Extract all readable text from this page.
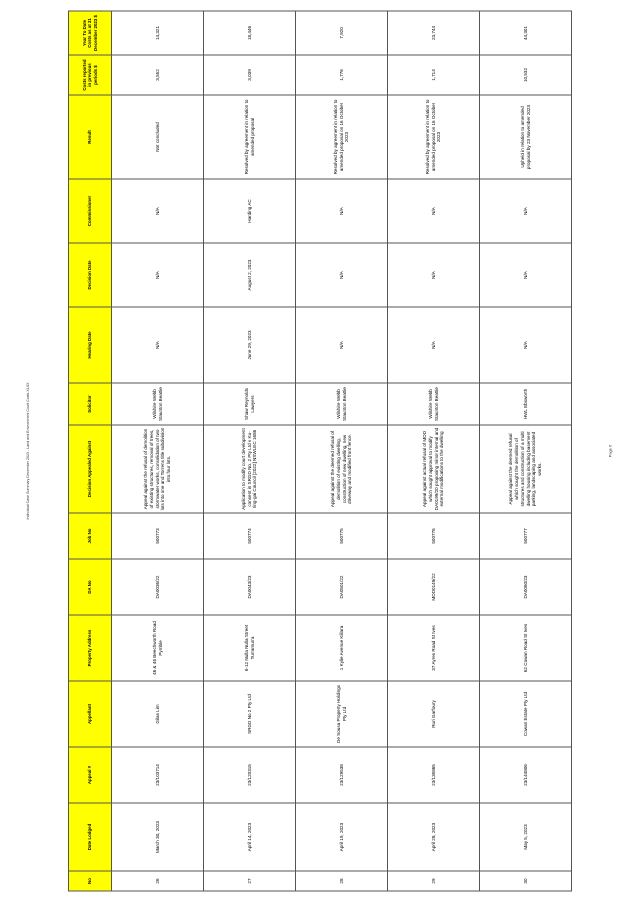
Individual Case Summary December 2023 - Land and Environment Court Costs.XLSX
No	Date Lodged	Appeal #	Appellant	Property Address	DA No	Job No	Decision Appealed Against	Solicitor	Hearing Date	Decision Date	Commissioner	Result	Costs reported in previous periods $	Year To Date Costs as at 31 December 2023 $
26	March 30, 2023	23/103714	Gilas Lim	46 & 46 Beechworth Road Pymble	DA0036/22	500773	Appeal against the refusal of demolition of existing structures, removal of trees, stormwater works, consolidation of two lots into one and Torrens title subdivision into four lots.	Wilshire Webb Staunton Beattie	N/A	N/A	N/A	Not concluded	3,552	14,321
27	April 14, 2023	23/120315	SRGD No 2 Pty Ltd	6-12 Nulla Nulla Street Turramurra	DA0043/23	500774	Application to modify court development consent in SRGD No. 2 Pty Ltd v Ku-ring-gai Council [2022] NSWLEC 1686	Shaw Reynolds Lawyers	June 29, 2023	August 2, 2023	Harding AC	Resolved by agreement in relation to amended proposal	3,039	18,446
28	April 19, 2023	23/129538	De Sousa Property Holdings Pty Ltd	1 Kylie Avenue Killara	DA0501/22	500775	Appeal against the deemed refusal of demolition of existing dwelling, construction of new dwelling, new driveway and modified front fence.	Wilshire Webb Staunton Beattie	N/A	N/A	N/A	Resolved by agreement in relation to amended proposal on 16 October 2023	1,776	7,920
29	April 28, 2023	23/135865	Ruri Garfoury	37 Ayres Road St Ives	MOD0149/22	500776	Appeal against actual refusal of MOD which sought approval to modify DA0199/20 proposing minor internal and external modifications to the dwelling	Wilshire Webb Staunton Beattie	N/A	N/A	N/A	Resolved by agreement in relation to amended proposal on 16 October 2023	1,714	23,744
30	May 5, 2023	23/144806	Cowan Estate Pty Ltd	62 Cowan Road St Ives	DA0060/23	500777	Appeal against the deemed refusal which sought the demolition of structures and construction of a multi dwelling housing including basement parking, landscaping and associated works.	HWL Ebsworth	N/A	N/A	N/A	Upheld in relation to amended proposal by 23 November 2023	10,532	44,301
Page 6
